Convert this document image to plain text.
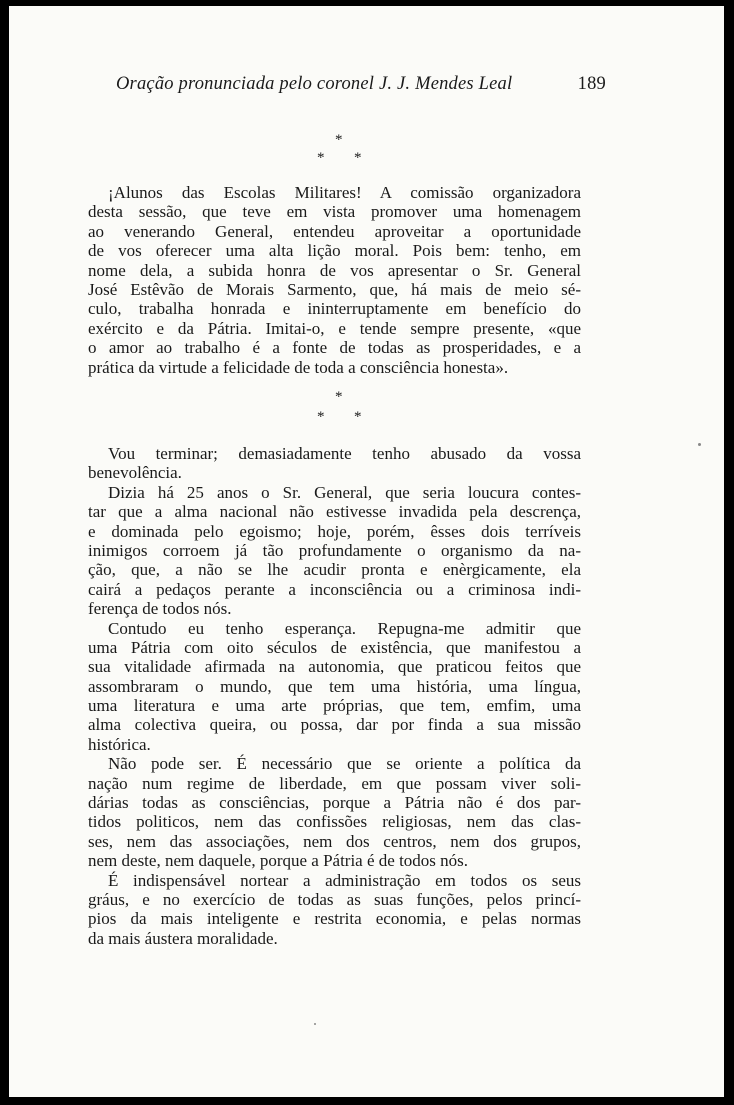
Oração pronunciada pelo coronel J. J. Mendes Leal	189
*
* *
¡Alunos das Escolas Militares! A comissão organizadora
desta sessão, que teve em vista promover uma homenagem
ao venerando General, entendeu aproveitar a oportunidade
de vos oferecer uma alta lição moral. Pois bem: tenho, em
nome dela, a subida honra de vos apresentar o Sr. General
José Estêvão de Morais Sarmento, que, há mais de meio sé-
culo, trabalha honrada e ininterruptamente em benefício do
exército e da Pátria. Imitai-o, e tende sempre presente, «que
o amor ao trabalho é a fonte de todas as prosperidades, e a
prática da virtude a felicidade de toda a consciência honesta».
*
* *
Vou terminar; demasiadamente tenho abusado da vossa
benevolência.
Dizia há 25 anos o Sr. General, que seria loucura contes-
tar que a alma nacional não estivesse invadida pela descrença,
e dominada pelo egoismo; hoje, porém, êsses dois terríveis
inimigos corroem já tão profundamente o organismo da na-
ção, que, a não se lhe acudir pronta e enèrgicamente, ela
cairá a pedaços perante a inconsciência ou a criminosa indi-
ferença de todos nós.
Contudo eu tenho esperança. Repugna-me admitir que
uma Pátria com oito séculos de existência, que manifestou a
sua vitalidade afirmada na autonomia, que praticou feitos que
assombraram o mundo, que tem uma história, uma língua,
uma literatura e uma arte próprias, que tem, emfim, uma
alma colectiva queira, ou possa, dar por finda a sua missão
histórica.
Não pode ser. É necessário que se oriente a política da
nação num regime de liberdade, em que possam viver soli-
dárias todas as consciências, porque a Pátria não é dos par-
tidos politicos, nem das confissões religiosas, nem das clas-
ses, nem das associações, nem dos centros, nem dos grupos,
nem deste, nem daquele, porque a Pátria é de todos nós.
É indispensável nortear a administração em todos os seus
gráus, e no exercício de todas as suas funções, pelos princí-
pios da mais inteligente e restrita economia, e pelas normas
da mais áustera moralidade.
